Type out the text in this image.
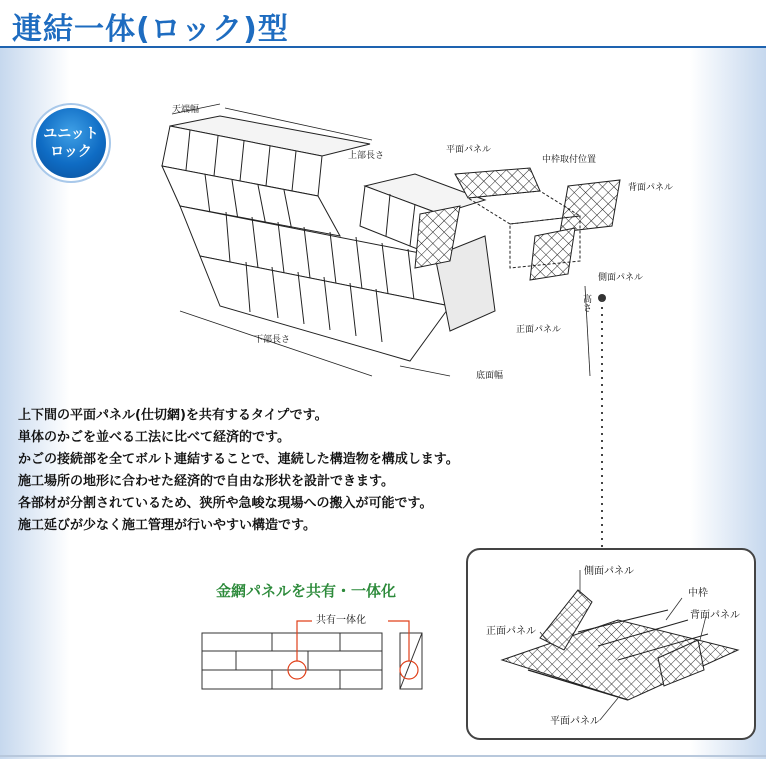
連結一体(ロック)型
ユニット
ロック
天端幅
上部長さ
平面パネル
中枠取付位置
背面パネル
側面パネル
高さ
正面パネル
下部長さ
底面幅
上下間の平面パネル(仕切網)を共有するタイプです。
単体のかごを並べる工法に比べて経済的です。
かごの接続部を全てボルト連結することで、連続した構造物を構成します。
施工場所の地形に合わせた経済的で自由な形状を設計できます。
各部材が分割されているため、狭所や急峻な現場への搬入が可能です。
施工延びが少なく施工管理が行いやすい構造です。
金網パネルを共有・一体化
共有一体化
側面パネル
中枠
背面パネル
正面パネル
平面パネル
